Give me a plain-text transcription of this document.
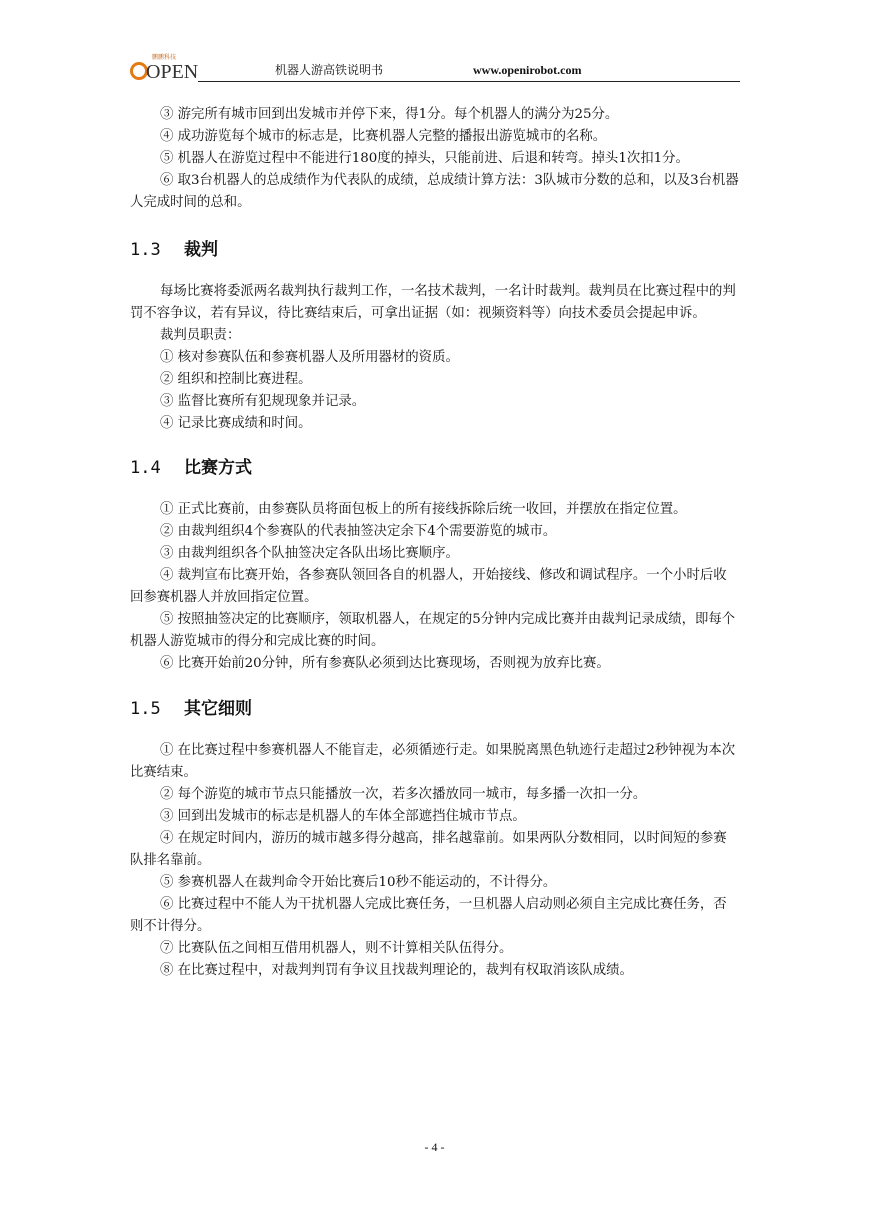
鹏鹏科技
OPEN	机器人游高铁说明书	www.openirobot.com

③ 游完所有城市回到出发城市并停下来，得1分。每个机器人的满分为25分。

④ 成功游览每个城市的标志是，比赛机器人完整的播报出游览城市的名称。

⑤ 机器人在游览过程中不能进行180度的掉头，只能前进、后退和转弯。掉头1次扣1分。

⑥ 取3台机器人的总成绩作为代表队的成绩，总成绩计算方法：3队城市分数的总和，以及3台机器人完成时间的总和。

1.3	裁判

每场比赛将委派两名裁判执行裁判工作，一名技术裁判，一名计时裁判。裁判员在比赛过程中的判罚不容争议，若有异议，待比赛结束后，可拿出证据（如：视频资料等）向技术委员会提起申诉。

裁判员职责：

① 核对参赛队伍和参赛机器人及所用器材的资质。

② 组织和控制比赛进程。

③ 监督比赛所有犯规现象并记录。

④ 记录比赛成绩和时间。

1.4	比赛方式

① 正式比赛前，由参赛队员将面包板上的所有接线拆除后统一收回，并摆放在指定位置。

② 由裁判组织4个参赛队的代表抽签决定余下4个需要游览的城市。

③ 由裁判组织各个队抽签决定各队出场比赛顺序。

④ 裁判宣布比赛开始，各参赛队领回各自的机器人，开始接线、修改和调试程序。一个小时后收回参赛机器人并放回指定位置。

⑤ 按照抽签决定的比赛顺序，领取机器人，在规定的5分钟内完成比赛并由裁判记录成绩，即每个机器人游览城市的得分和完成比赛的时间。

⑥ 比赛开始前20分钟，所有参赛队必须到达比赛现场，否则视为放弃比赛。

1.5	其它细则

① 在比赛过程中参赛机器人不能盲走，必须循迹行走。如果脱离黑色轨迹行走超过2秒钟视为本次比赛结束。

② 每个游览的城市节点只能播放一次，若多次播放同一城市，每多播一次扣一分。

③ 回到出发城市的标志是机器人的车体全部遮挡住城市节点。

④ 在规定时间内，游历的城市越多得分越高，排名越靠前。如果两队分数相同，以时间短的参赛队排名靠前。

⑤ 参赛机器人在裁判命令开始比赛后10秒不能运动的，不计得分。

⑥ 比赛过程中不能人为干扰机器人完成比赛任务，一旦机器人启动则必须自主完成比赛任务，否则不计得分。

⑦ 比赛队伍之间相互借用机器人，则不计算相关队伍得分。

⑧ 在比赛过程中，对裁判判罚有争议且找裁判理论的，裁判有权取消该队成绩。

- 4 -
